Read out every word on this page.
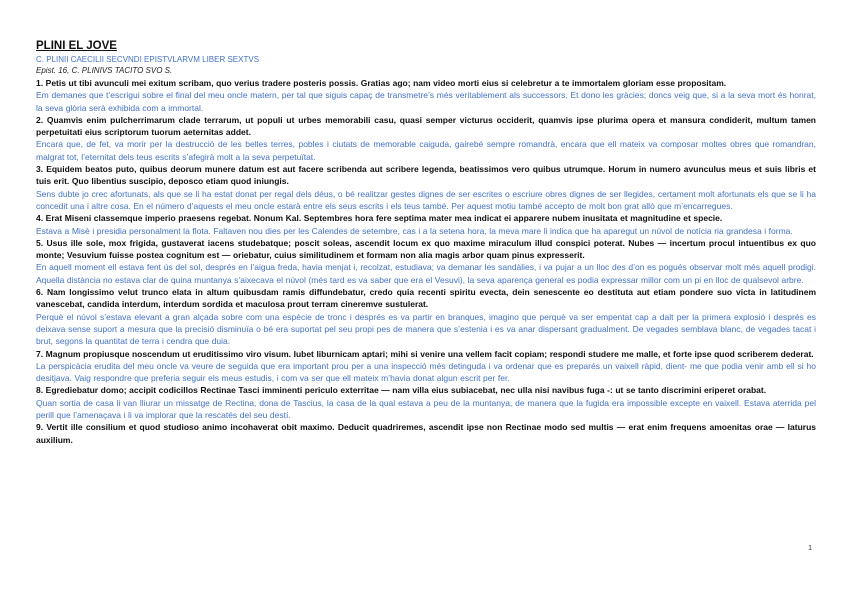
PLINI EL JOVE
C. PLINII CAECILII SECVNDI EPISTVLARVM LIBER SEXTVS
Epist. 16, C. PLINIVS TACITO SVO S.

1. Petis ut tibi avunculi mei exitum scribam, quo verius tradere posteris possis. Gratias ago; nam video morti eius si celebretur a te immortalem gloriam esse propositam.

Em demanes que t’escrigui sobre el final del meu oncle matern, per tal que siguis capaç de transmetre’s més veritablement als successors. Et dono les gràcies; doncs veig que, si a la seva mort és honrat, la seva glòria serà exhibida com a immortal.

2. Quamvis enim pulcherrimarum clade terrarum, ut populi ut urbes memorabili casu, quasi semper victurus occiderit, quamvis ipse plurima opera et mansura condiderit, multum tamen perpetuitati eius scriptorum tuorum aeternitas addet.

Encara que, de fet, va morir per la destrucció de les belles terres, pobles i ciutats de memorable caiguda, gairebé sempre romandrà, encara que ell mateix va composar moltes obres que romandran, malgrat tot, l’eternitat dels teus escrits s’afegirà molt a la seva perpetuïtat.

3. Equidem beatos puto, quibus deorum munere datum est aut facere scribenda aut scribere legenda, beatissimos vero quibus utrumque. Horum in numero avunculus meus et suis libris et tuis erit. Quo libentius suscipio, deposco etiam quod iniungis.

Sens dubte jo crec afortunats, als que se li ha estat donat per regal dels déus, o bé realitzar gestes dignes de ser escrites o escriure obres dignes de ser llegides, certament molt afortunats els que se li ha concedit una i altre cosa. En el número d’aquests el meu oncle estarà entre els seus escrits i els teus també. Per aquest motiu també accepto de molt bon grat allò que m’encarregues.

4. Erat Miseni classemque imperio praesens regebat. Nonum Kal. Septembres hora fere septima mater mea indicat ei apparere nubem inusitata et magnitudine et specie.

Estava a Misè i presidia personalment la flota. Faltaven nou dies per les Calendes de setembre, cas i a la setena hora, la meva mare li indica que ha aparegut un núvol de notícia ria grandesa i forma.

5. Usus ille sole, mox frigida, gustaverat iacens studebatque; poscit soleas, ascendit locum ex quo maxime miraculum illud conspici poterat. Nubes — incertum procul intuentibus ex quo monte; Vesuvium fuisse postea cognitum est — oriebatur, cuius similitudinem et formam non alia magis arbor quam pinus expresserit.

En aquell moment ell estava fent ús del sol, després en l’aigua freda, havia menjat i, recolzat, estudiava; va demanar les sandàlies, i va pujar a un lloc des d’on es pogués observar molt més aquell prodigi. Aquella distància no estava clar de quina muntanya s’aixecava el núvol (més tard es va saber que era el Vesuvi), la seva aparença general es podia expressar millor com un pi en lloc de qualsevol arbre.

6. Nam longissimo velut trunco elata in altum quibusdam ramis diffundebatur, credo quia recenti spiritu evecta, dein senescente eo destituta aut etiam pondere suo victa in latitudinem vanescebat, candida interdum, interdum sordida et maculosa prout terram cineremve sustulerat.

Perquè el núvol s’estava elevant a gran alçada sobre com una espècie de tronc i després es va partir en branques, imagino que perquè va ser empentat cap a dalt per la primera explosió i després es deixava sense suport a mesura que la precisió disminuïa o bé era suportat pel seu propi pes de manera que s’estenia i es va anar dispersant gradualment. De vegades semblava blanc, de vegades tacat i brut, segons la quantitat de terra i cendra que duia.

7. Magnum propiusque noscendum ut eruditissimo viro visum. Iubet liburnicam aptari; mihi si venire una vellem facit copiam; respondi studere me malle, et forte ipse quod scriberem dederat.

La perspicàcia erudita del meu oncle va veure de seguida que era important prou per a una inspecció més detinguda i va ordenar que es preparés un vaixell ràpid, dient- me que podia venir amb ell si ho desitjava. Vaig respondre que preferia seguir els meus estudis, i com va ser que ell mateix m’havia donat algun escrit per fer.

8. Egrediebatur domo; accipit codicillos Rectinae Tasci imminenti periculo exterritae — nam villa eius subiacebat, nec ulla nisi navibus fuga -: ut se tanto discrimini eriperet orabat.

Quan sortia de casa li van lliurar un missatge de Rectina, dona de Tascius, la casa de la qual estava a peu de la muntanya, de manera que la fugida era impossible excepte en vaixell. Estava aterrida pel perill que l’amenaçava i li va implorar que la rescatés del seu destí.

9. Vertit ille consilium et quod studioso animo incohaverat obit maximo. Deducit quadriremes, ascendit ipse non Rectinae modo sed multis — erat enim frequens amoenitas orae — laturus auxilium.

1
